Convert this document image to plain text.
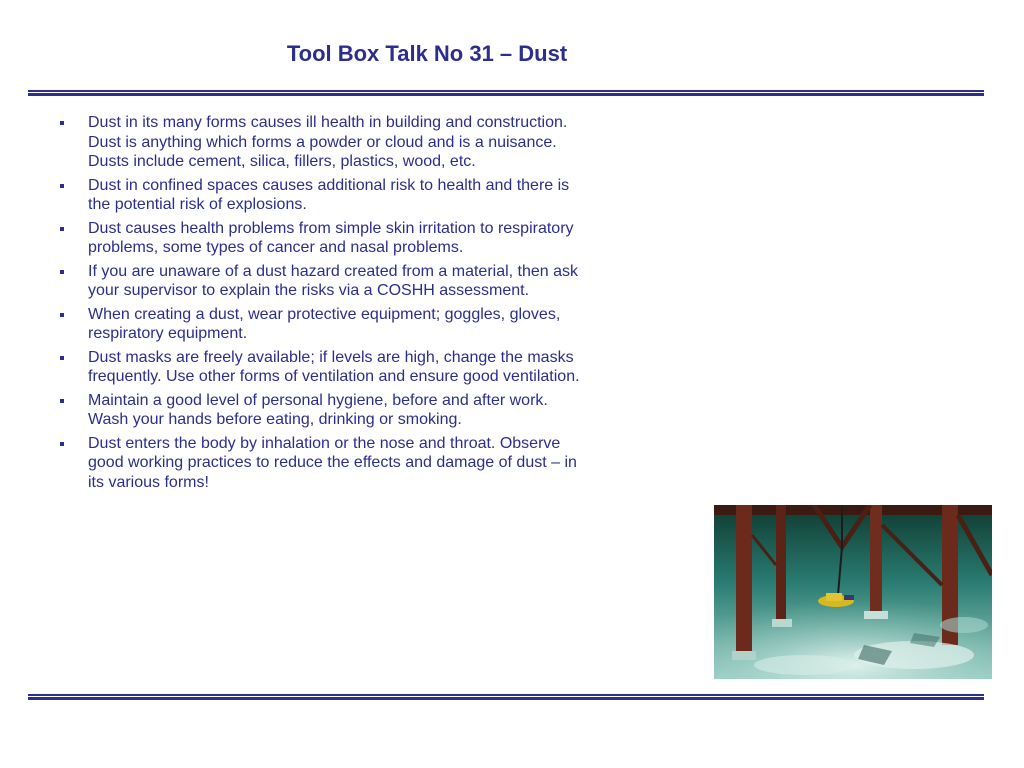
Tool Box Talk No 31 – Dust
Dust in its many forms causes ill health in building and construction.
Dust is anything which forms a powder or cloud and is a nuisance.
Dusts include cement, silica, fillers, plastics, wood, etc.
Dust in confined spaces causes additional risk to health and there is
the potential risk of explosions.
Dust causes health problems from simple skin irritation to respiratory
problems, some types of cancer and nasal problems.
If you are unaware of a dust hazard created from a material, then ask
your supervisor to explain the risks via a COSHH assessment.
When creating a dust, wear protective equipment; goggles, gloves,
respiratory equipment.
Dust masks are freely available; if levels are high, change the masks
frequently. Use other forms of ventilation and ensure good ventilation.
Maintain a good level of personal hygiene, before and after work.
Wash your hands before eating, drinking or smoking.
Dust enters the body by inhalation or the nose and throat. Observe
good working practices to reduce the effects and damage of dust – in
its various forms!
